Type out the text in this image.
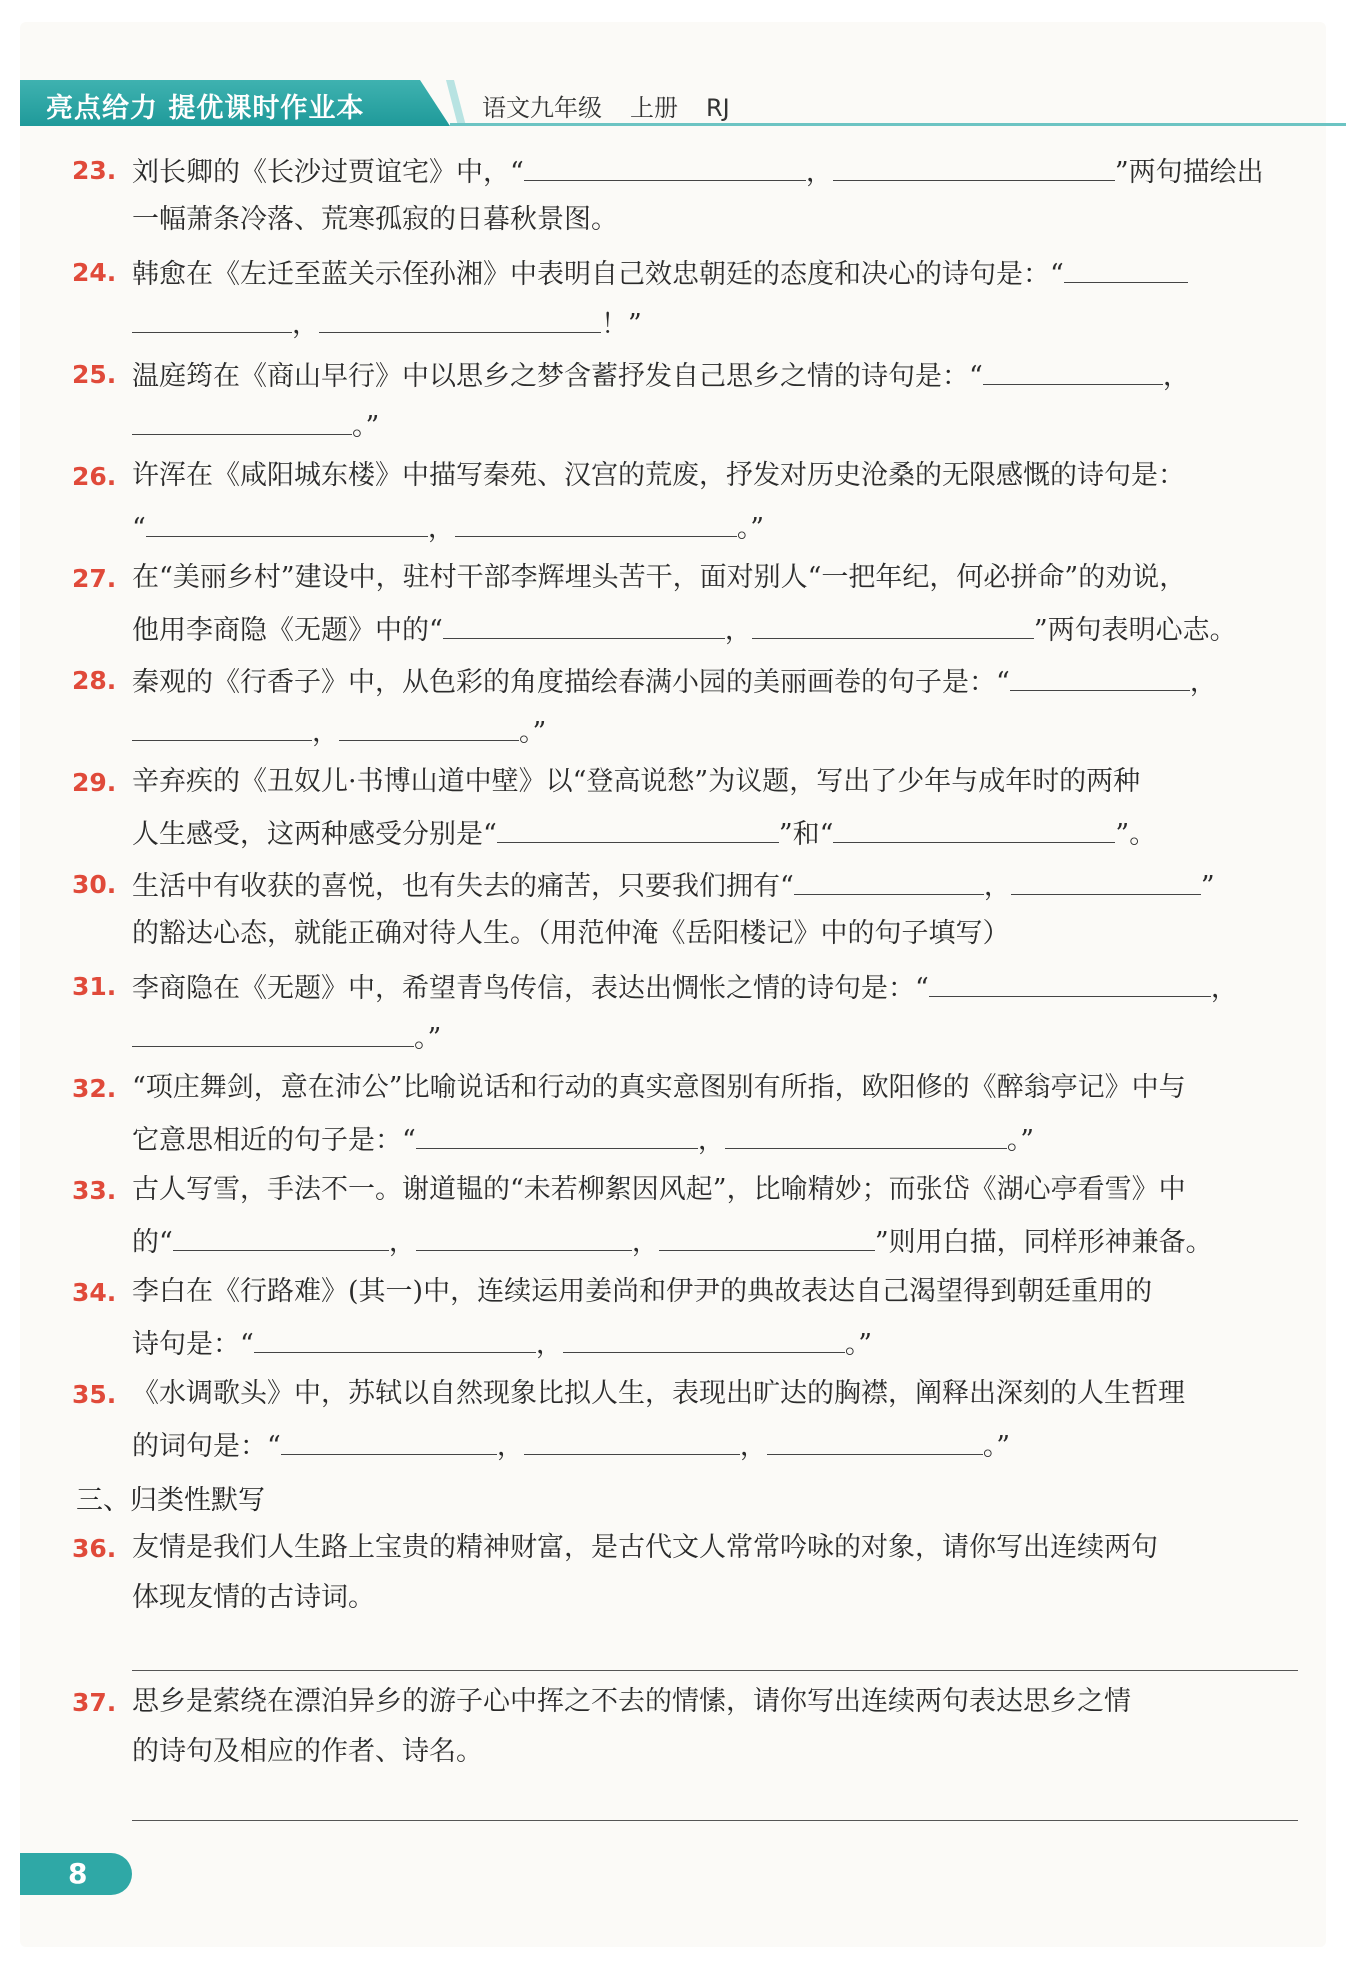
亮点给力 提优课时作业本	语文九年级 上册 RJ
23. 刘长卿的《长沙过贾谊宅》中，“	，	”两句描绘出
一幅萧条冷落、荒寒孤寂的日暮秋景图。
24. 韩愈在《左迁至蓝关示侄孙湘》中表明自己效忠朝廷的态度和决心的诗句是：“
，	！”
25. 温庭筠在《商山早行》中以思乡之梦含蓄抒发自己思乡之情的诗句是：“	，
。”
26. 许浑在《咸阳城东楼》中描写秦苑、汉宫的荒废，抒发对历史沧桑的无限感慨的诗句是：
“	，	。”
27. 在“美丽乡村”建设中，驻村干部李辉埋头苦干，面对别人“一把年纪，何必拼命”的劝说，
他用李商隐《无题》中的“	，	”两句表明心志。
28. 秦观的《行香子》中，从色彩的角度描绘春满小园的美丽画卷的句子是：“	，
，	。”
29. 辛弃疾的《丑奴儿·书博山道中壁》以“登高说愁”为议题，写出了少年与成年时的两种
人生感受，这两种感受分别是“	”和“	”。
30. 生活中有收获的喜悦，也有失去的痛苦，只要我们拥有“	，	”
的豁达心态，就能正确对待人生。（用范仲淹《岳阳楼记》中的句子填写）
31. 李商隐在《无题》中，希望青鸟传信，表达出惆怅之情的诗句是：“	，
。”
32. “项庄舞剑，意在沛公”比喻说话和行动的真实意图别有所指，欧阳修的《醉翁亭记》中与
它意思相近的句子是：“	，	。”
33. 古人写雪，手法不一。谢道韫的“未若柳絮因风起”，比喻精妙；而张岱《湖心亭看雪》中
的“	，	，	”则用白描，同样形神兼备。
34. 李白在《行路难》(其一)中，连续运用姜尚和伊尹的典故表达自己渴望得到朝廷重用的
诗句是：“	，	。”
35. 《水调歌头》中，苏轼以自然现象比拟人生，表现出旷达的胸襟，阐释出深刻的人生哲理
的词句是：“	，	，	。”
三、归类性默写
36. 友情是我们人生路上宝贵的精神财富，是古代文人常常吟咏的对象，请你写出连续两句
体现友情的古诗词。
37. 思乡是萦绕在漂泊异乡的游子心中挥之不去的情愫，请你写出连续两句表达思乡之情
的诗句及相应的作者、诗名。
8
